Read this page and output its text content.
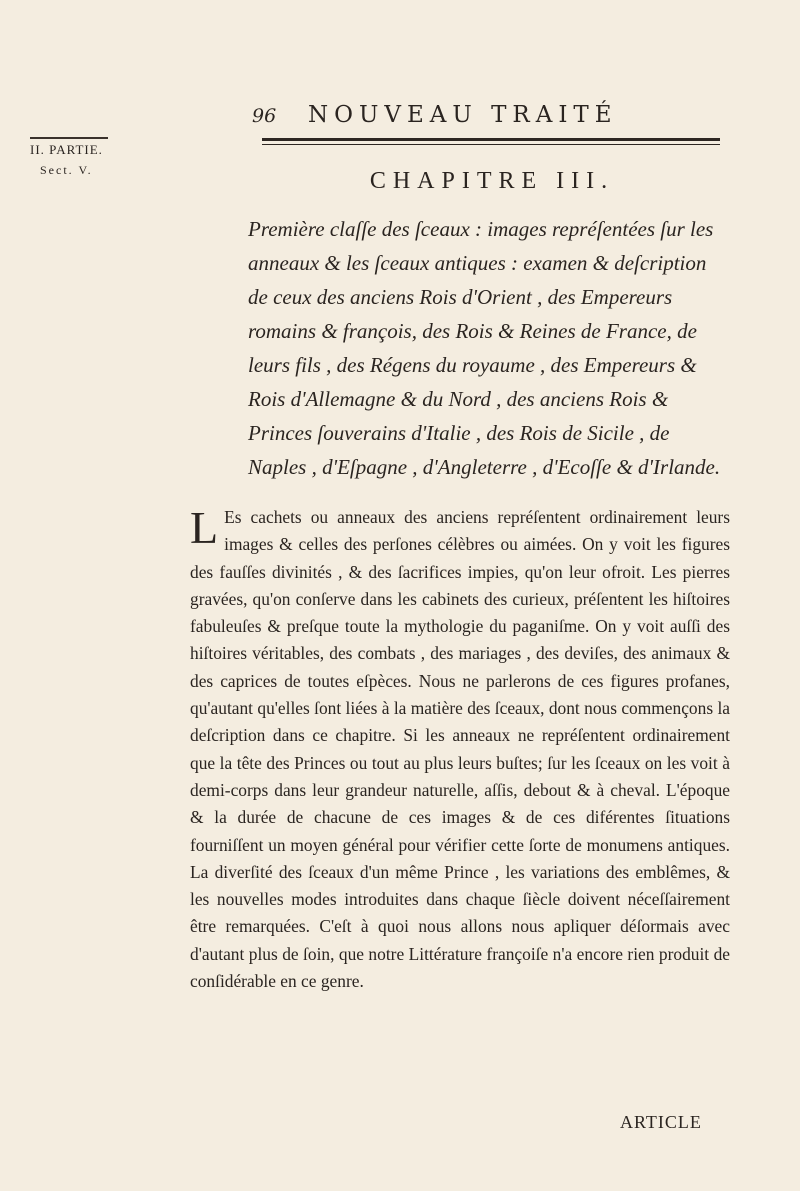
96	NOUVEAU TRAITÉ
II. PARTIE.
Sect. V.	CHAPITRE III.
Première claſſe des ſceaux : images repréſentées ſur les anneaux & les ſceaux antiques : examen & deſcription de ceux des anciens Rois d'Orient , des Empereurs romains & françois, des Rois & Reines de France, de leurs fils , des Régens du royaume , des Empereurs & Rois d'Allemagne & du Nord , des anciens Rois & Princes ſouverains d'Italie , des Rois de Sicile , de Naples , d'Eſpagne , d'Angleterre , d'Ecoſſe & d'Irlande.
L Es cachets ou anneaux des anciens repréſentent ordinairement leurs images & celles des perſones célèbres ou aimées. On y voit les figures des fauſſes divinités , & des ſacrifices impies, qu'on leur ofroit. Les pierres gravées, qu'on conſerve dans les cabinets des curieux, préſentent les hiſtoires fabuleuſes & preſque toute la mythologie du paganiſme. On y voit auſſi des hiſtoires véritables, des combats , des mariages , des deviſes, des animaux & des caprices de toutes eſpèces. Nous ne parlerons de ces figures profanes, qu'autant qu'elles ſont liées à la matière des ſceaux, dont nous commençons la deſcription dans ce chapitre. Si les anneaux ne repréſentent ordinairement que la tête des Princes ou tout au plus leurs buſtes; ſur les ſceaux on les voit à demi-corps dans leur grandeur naturelle, aſſis, debout & à cheval. L'époque & la durée de chacune de ces images & de ces diférentes ſituations fourniſſent un moyen général pour vérifier cette ſorte de monumens antiques. La diverſité des ſceaux d'un même Prince , les variations des emblêmes, & les nouvelles modes introduites dans chaque ſiècle doivent néceſſairement être remarquées. C'eſt à quoi nous allons nous apliquer déſormais avec d'autant plus de ſoin, que notre Littérature françoiſe n'a encore rien produit de conſidérable en ce genre.
ARTICLE
